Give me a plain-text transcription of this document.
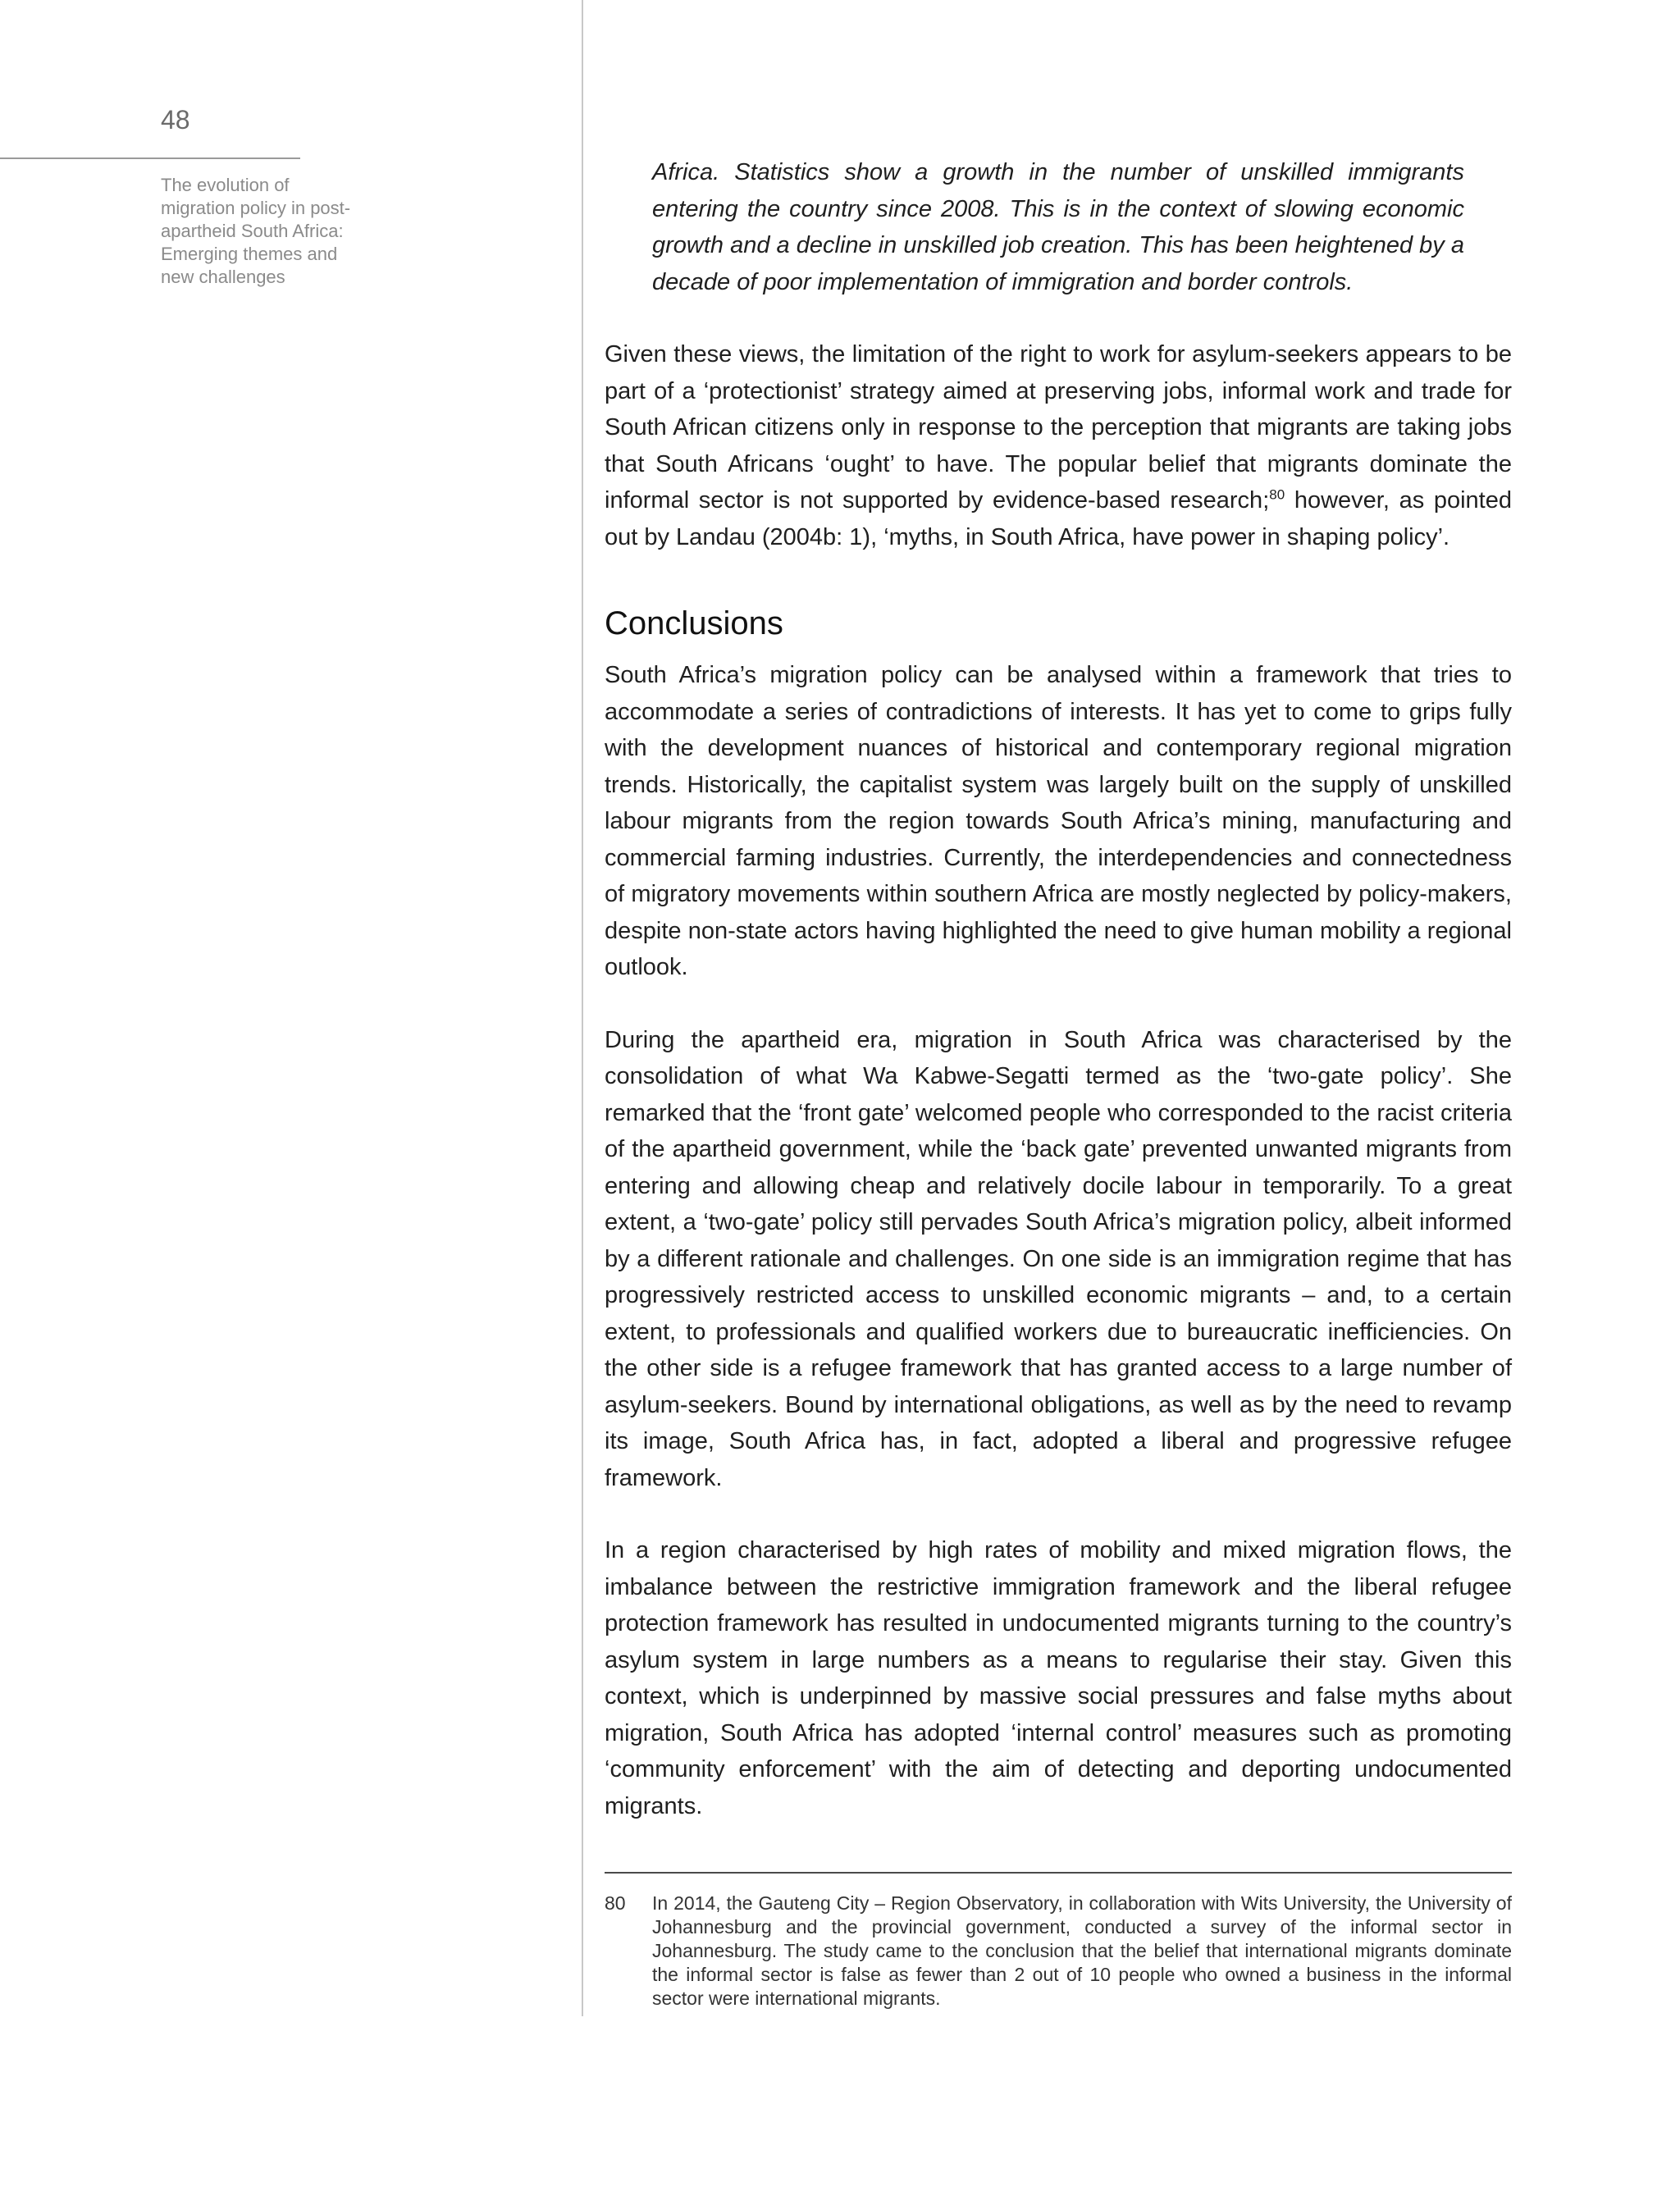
48
The evolution of migration policy in post-apartheid South Africa: Emerging themes and new challenges

Africa. Statistics show a growth in the number of unskilled immigrants entering the country since 2008. This is in the context of slowing economic growth and a decline in unskilled job creation. This has been heightened by a decade of poor implementation of immigration and border controls.

Given these views, the limitation of the right to work for asylum-seekers appears to be part of a ‘protectionist’ strategy aimed at preserving jobs, informal work and trade for South African citizens only in response to the perception that migrants are taking jobs that South Africans ‘ought’ to have. The popular belief that migrants dominate the informal sector is not supported by evidence-based research;$^{80}$ however, as pointed out by Landau (2004b: 1), ‘myths, in South Africa, have power in shaping policy’.

Conclusions

South Africa’s migration policy can be analysed within a framework that tries to accommodate a series of contradictions of interests. It has yet to come to grips fully with the development nuances of historical and contemporary regional migration trends. Historically, the capitalist system was largely built on the supply of unskilled labour migrants from the region towards South Africa’s mining, manufacturing and commercial farming industries. Currently, the interdependencies and connectedness of migratory movements within southern Africa are mostly neglected by policy-makers, despite non-state actors having highlighted the need to give human mobility a regional outlook.

During the apartheid era, migration in South Africa was characterised by the consolidation of what Wa Kabwe-Segatti termed as the ‘two-gate policy’. She remarked that the ‘front gate’ welcomed people who corresponded to the racist criteria of the apartheid government, while the ‘back gate’ prevented unwanted migrants from entering and allowing cheap and relatively docile labour in temporarily. To a great extent, a ‘two-gate’ policy still pervades South Africa’s migration policy, albeit informed by a different rationale and challenges. On one side is an immigration regime that has progressively restricted access to unskilled economic migrants – and, to a certain extent, to professionals and qualified workers due to bureaucratic inefficiencies. On the other side is a refugee framework that has granted access to a large number of asylum-seekers. Bound by international obligations, as well as by the need to revamp its image, South Africa has, in fact, adopted a liberal and progressive refugee framework.

In a region characterised by high rates of mobility and mixed migration flows, the imbalance between the restrictive immigration framework and the liberal refugee protection framework has resulted in undocumented migrants turning to the country’s asylum system in large numbers as a means to regularise their stay. Given this context, which is underpinned by massive social pressures and false myths about migration, South Africa has adopted ‘internal control’ measures such as promoting ‘community enforcement’ with the aim of detecting and deporting undocumented migrants.

80	In 2014, the Gauteng City – Region Observatory, in collaboration with Wits University, the University of Johannesburg and the provincial government, conducted a survey of the informal sector in Johannesburg. The study came to the conclusion that the belief that international migrants dominate the informal sector is false as fewer than 2 out of 10 people who owned a business in the informal sector were international migrants.
